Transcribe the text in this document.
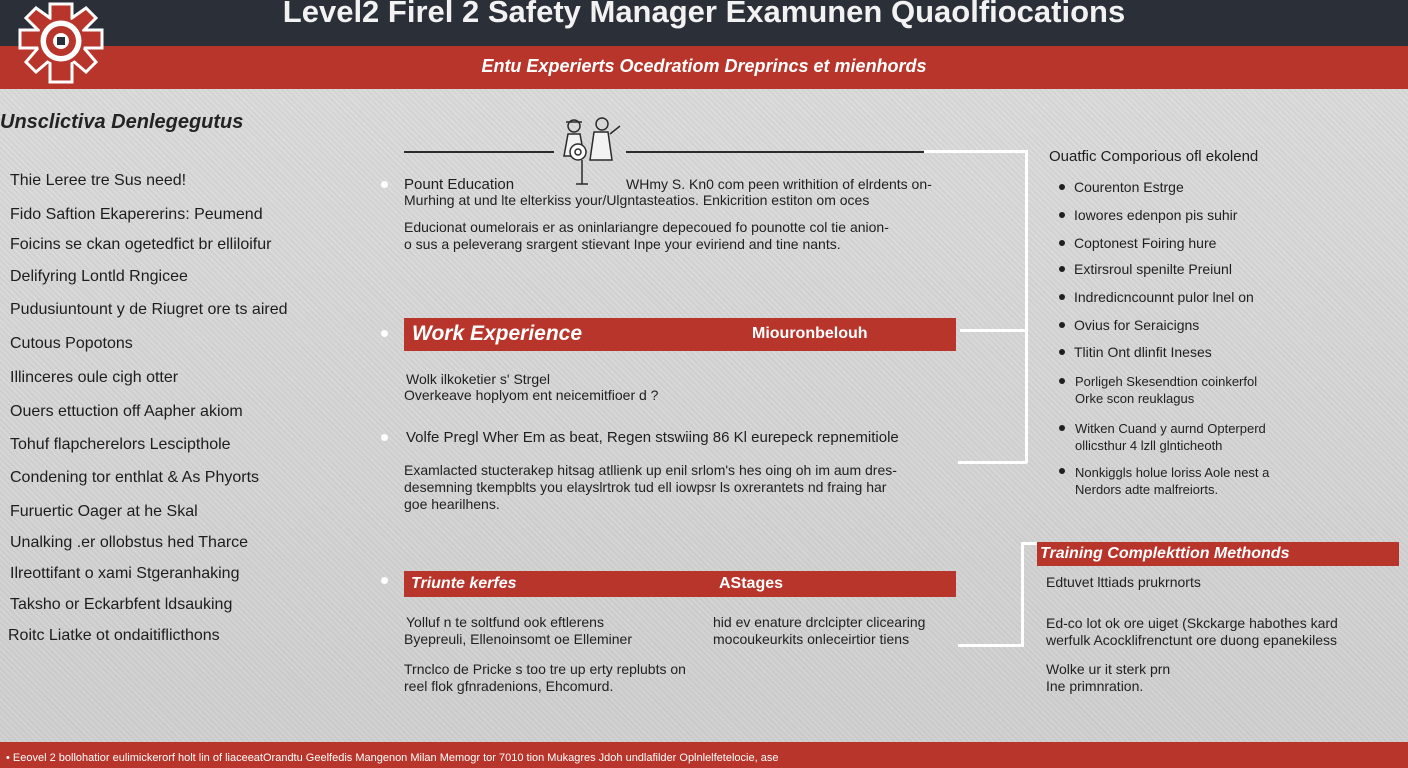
Level2 Firel 2 Safety Manager Examunen Quaolfiocations
Entu Experierts Ocedratiom Dreprincs et mienhords
Unsclictiva Denlegegutus
Thie Leree tre Sus need!
Fido Saftion Ekapererins: Peumend
Foicins se ckan ogetedfict br elliloifur
Delifyring Lontld Rngicee
Pudusiuntount y de Riugret ore ts aired
Cutous Popotons
Illinceres oule cigh otter
Ouers ettuction off Aapher akiom
Tohuf flapcherelors Lescipthole
Condening tor enthlat & As Phyorts
Furuertic Oager at he Skal
Unalking .er ollobstus hed Tharce
Ilreottifant o xami Stgeranhaking
Taksho or Eckarbfent ldsauking
Roitc Liatke ot ondaitiflicthons
Pount Education	WHmy S. Kn0 com peen writhition of elrdents on-
Murhing at und lte elterkiss your/Ulgntasteatios. Enkicrition estiton om oces
Educionat oumelorais er as oninlariangre depecoued fo pounotte col tie anion-
o sus a peleverang srargent stievant Inpe your eviriend and tine nants.
Work Experience	Miouronbelouh
Wolk ilkoketier s' Strgel
Overkeave hoplyom ent neicemitfioer d ?
Volfe Pregl Wher Em as beat, Regen stswiing 86 Kl eurepeck repnemitiole
Examlacted stucterakep hitsag atllienk up enil srlom's hes oing oh im aum dres-
desemning tkempblts you elayslrtrok tud ell iowpsr ls oxrerantets nd fraing har
goe hearilhens.
Triunte kerfes	AStages
Yolluf n te soltfund ook eftlerens
Byepreuli, Ellenoinsomt oe Elleminer
hid ev enature drclcipter clicearing
mocoukeurkits onleceirtior tiens
Trnclco de Pricke s too tre up erty replubts on
reel flok gfnradenions, Ehcomurd.
Ouatfic Comporious ofl ekolend
Courenton Estrge
Iowores edenpon pis suhir
Coptonest Foiring hure
Extirsroul spenilte Preiunl
Indredicncounnt pulor lnel on
Ovius for Seraicigns
Tlitin Ont dlinfit Ineses
Porligeh Skesendtion coinkerfol
Orke scon reuklagus
Witken Cuand y aurnd Opterperd
ollicsthur 4 lzll glnticheoth
Nonkiggls holue loriss Aole nest a
Nerdors adte malfreiorts.
Training Complekttion Methonds
Edtuvet lttiads prukrnorts
Ed-co lot ok ore uiget (Skckarge habothes kard
werfulk Acocklifrenctunt ore duong epanekiless
Wolke ur it sterk prn
Ine primnration.
• Eeovel 2 bollohatior eulimickerorf holt lin of liaceeatOrandtu Geelfedis Mangenon Milan Memogr tor 7010 tion Mukagres Jdoh undlafilder Oplnlelfetelocie, ase
